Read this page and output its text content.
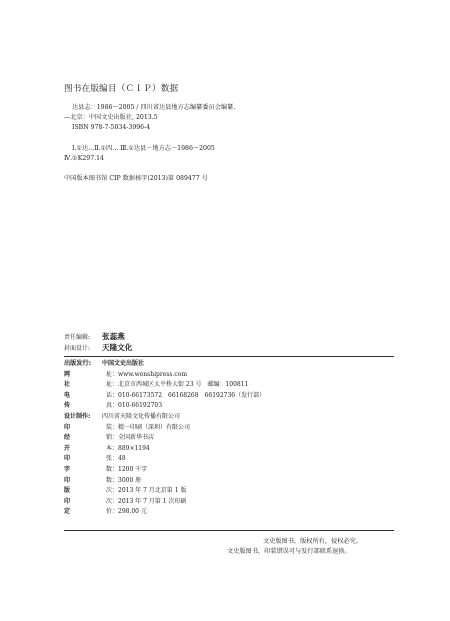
图书在版编目（ＣＩＰ）数据
达县志：1986～2005 / 四川省达县地方志编纂委员会编纂.
—北京：中国文史出版社, 2013.5
ISBN 978-7-5034-3996-4
Ⅰ.①达…Ⅱ.①四… Ⅲ.①达县－地方志－1986～2005
Ⅳ.①K297.14
中国版本图书馆 CIP 数据核字(2013)第 089477 号
责任编辑: 张蕊燕
封面设计: 天隆文化
出版发行: 中国文史出版社
网	址：www.wenshipress.com
社	址：北京市西城区太平桥大街 23 号　邮编：100811
电	话：010-66173572　66168268　66192736（发行部）
传	真：010-66192703
设计制作: 四川省天隆文化传播有限公司
印	装：精一印刷（深圳）有限公司
经	销：全国新华书店
开	本：889×1194
印	张：48
字	数：1200 千字
印	数：3000 册
版	次：2013 年 7 月北京第 1 版
印	次：2013 年 7 月第 1 次印刷
定	价：298.00 元
文史版图书，版权所有，侵权必究。
文史版图书，印装错误可与发行部联系退换。
